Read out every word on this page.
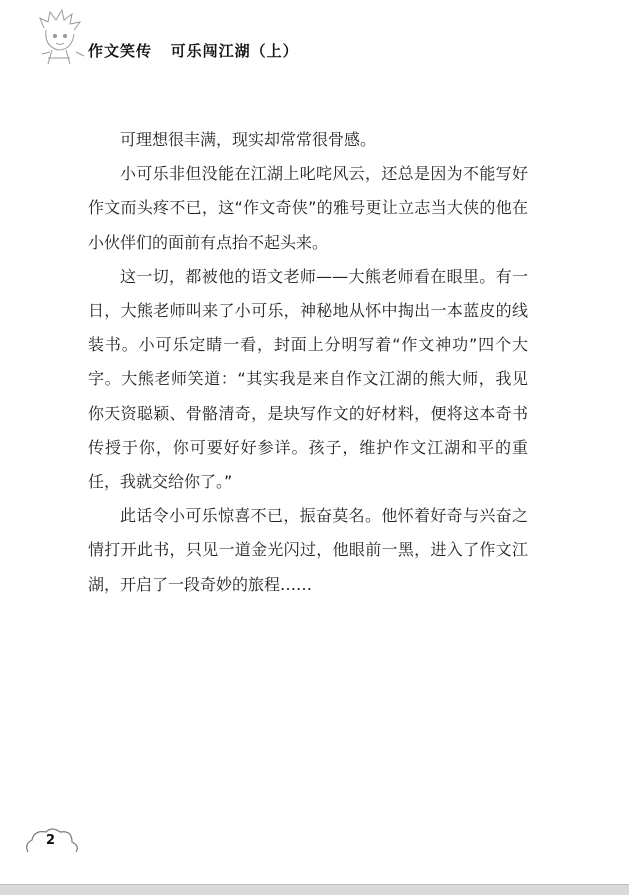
作文笑传   可乐闯江湖（上）

可理想很丰满，现实却常常很骨感。

小可乐非但没能在江湖上叱咤风云，还总是因为不能写好作文而头疼不已，这“作文奇侠”的雅号更让立志当大侠的他在小伙伴们的面前有点抬不起头来。

这一切，都被他的语文老师——大熊老师看在眼里。有一日，大熊老师叫来了小可乐，神秘地从怀中掏出一本蓝皮的线装书。小可乐定睛一看，封面上分明写着“作文神功”四个大字。大熊老师笑道：“其实我是来自作文江湖的熊大师，我见你天资聪颖、骨骼清奇，是块写作文的好材料，便将这本奇书传授于你，你可要好好参详。孩子，维护作文江湖和平的重任，我就交给你了。”

此话令小可乐惊喜不已，振奋莫名。他怀着好奇与兴奋之情打开此书，只见一道金光闪过，他眼前一黑，进入了作文江湖，开启了一段奇妙的旅程……

2
